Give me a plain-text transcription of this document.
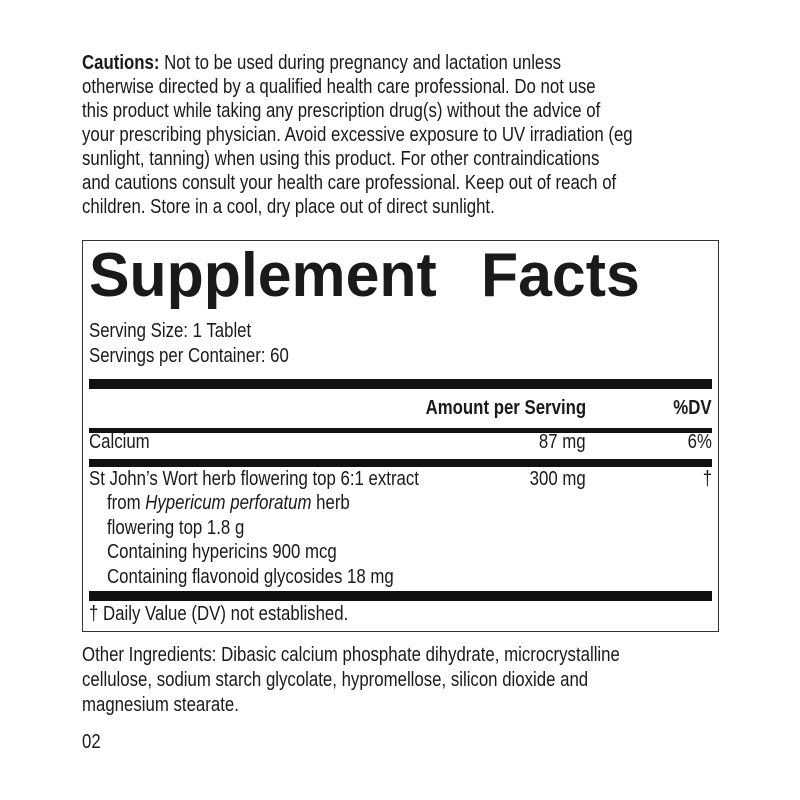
Cautions: Not to be used during pregnancy and lactation unless
otherwise directed by a qualified health care professional. Do not use
this product while taking any prescription drug(s) without the advice of
your prescribing physician. Avoid excessive exposure to UV irradiation (eg
sunlight, tanning) when using this product. For other contraindications
and cautions consult your health care professional. Keep out of reach of
children. Store in a cool, dry place out of direct sunlight.
Supplement Facts
Serving Size: 1 Tablet
Servings per Container: 60
Amount per Serving	%DV
Calcium	87 mg	6%
St John’s Wort herb flowering top 6:1 extract	300 mg	†
from Hypericum perforatum herb
flowering top 1.8 g
Containing hypericins 900 mcg
Containing flavonoid glycosides 18 mg
† Daily Value (DV) not established.
Other Ingredients: Dibasic calcium phosphate dihydrate, microcrystalline
cellulose, sodium starch glycolate, hypromellose, silicon dioxide and
magnesium stearate.
02
